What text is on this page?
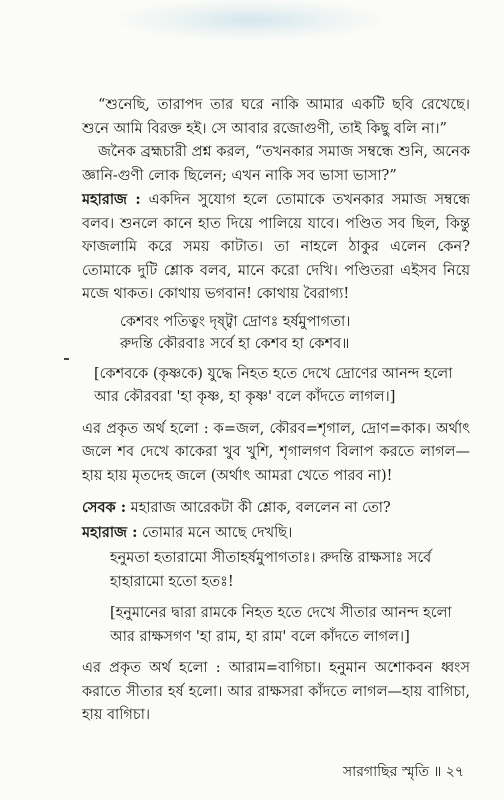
“শুনেছি, তারাপদ তার ঘরে নাকি আমার একটি ছবি রেখেছে। শুনে আমি বিরক্ত হই। সে আবার রজোগুণী, তাই কিছু বলি না।”

জনৈক ব্রহ্মচারী প্রশ্ন করল, “তখনকার সমাজ সম্বন্ধে শুনি, অনেক জ্ঞানি-গুণী লোক ছিলেন; এখন নাকি সব ভাসা ভাসা?”

মহারাজ : একদিন সুযোগ হলে তোমাকে তখনকার সমাজ সম্বন্ধে বলব। শুনলে কানে হাত দিয়ে পালিয়ে যাবে। পণ্ডিত সব ছিল, কিন্তু ফাজলামি করে সময় কাটাত। তা নাহলে ঠাকুর এলেন কেন? তোমাকে দুটি শ্লোক বলব, মানে করো দেখি। পণ্ডিতরা এইসব নিয়ে মজে থাকত। কোথায় ভগবান! কোথায় বৈরাগ্য!

কেশবং পতিত্বং দৃষ্ট্বা দ্রোণঃ হর্ষমুপাগতা।
রুদন্তি কৌরবাঃ সর্বে হা কেশব হা কেশব॥

[কেশবকে (কৃষ্ণকে) যুদ্ধে নিহত হতে দেখে দ্রোণের আনন্দ হলো আর কৌরবরা 'হা কৃষ্ণ, হা কৃষ্ণ' বলে কাঁদতে লাগল।]

এর প্রকৃত অর্থ হলো : ক=জল, কৌরব=শৃগাল, দ্রোণ=কাক। অর্থাৎ জলে শব দেখে কাকেরা খুব খুশি, শৃগালগণ বিলাপ করতে লাগল—হায় হায় মৃতদেহ জলে (অর্থাৎ আমরা খেতে পারব না)!

সেবক : মহারাজ আরেকটা কী শ্লোক, বললেন না তো?

মহারাজ : তোমার মনে আছে দেখছি।

হনুমতা হতারামো সীতাহর্ষমুপাগতাঃ। রুদন্তি রাক্ষসাঃ সর্বে হাহারামো হতো হতঃ!

[হনুমানের দ্বারা রামকে নিহত হতে দেখে সীতার আনন্দ হলো আর রাক্ষসগণ 'হা রাম, হা রাম' বলে কাঁদতে লাগল।]

এর প্রকৃত অর্থ হলো : আরাম=বাগিচা। হনুমান অশোকবন ধ্বংস করাতে সীতার হর্ষ হলো। আর রাক্ষসরা কাঁদতে লাগল—হায় বাগিচা, হায় বাগিচা।

সারগাছির স্মৃতি ॥ ২৭
